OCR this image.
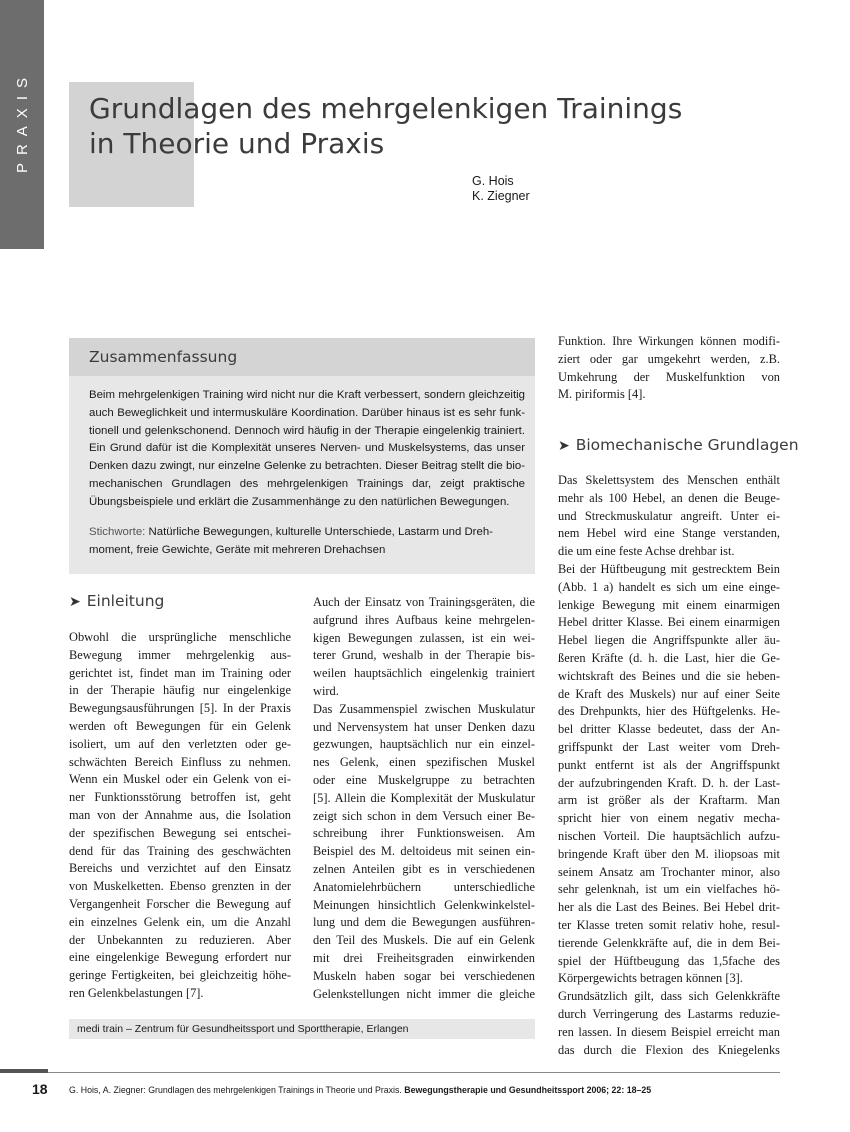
PRAXIS Grundlagen des mehrgelenkigen Trainings
in Theorie und Praxis
G. Hois
K. Ziegner
Zusammenfassung
Beim mehrgelenkigen Training wird nicht nur die Kraft verbessert, sondern gleichzeitig
auch Beweglichkeit und intermuskuläre Koordination. Darüber hinaus ist es sehr funk-
tionell und gelenkschonend. Dennoch wird häufig in der Therapie eingelenkig trainiert.
Ein Grund dafür ist die Komplexität unseres Nerven- und Muskelsystems, das unser
Denken dazu zwingt, nur einzelne Gelenke zu betrachten. Dieser Beitrag stellt die bio-
mechanischen Grundlagen des mehrgelenkigen Trainings dar, zeigt praktische
Übungsbeispiele und erklärt die Zusammenhänge zu den natürlichen Bewegungen.
Stichworte: Natürliche Bewegungen, kulturelle Unterschiede, Lastarm und Dreh-
moment, freie Gewichte, Geräte mit mehreren Drehachsen
➤ Einleitung
Obwohl die ursprüngliche menschliche
Bewegung immer mehrgelenkig aus-
gerichtet ist, findet man im Training oder
in der Therapie häufig nur eingelenkige
Bewegungsausführungen [5]. In der Praxis
werden oft Bewegungen für ein Gelenk
isoliert, um auf den verletzten oder ge-
schwächten Bereich Einfluss zu nehmen.
Wenn ein Muskel oder ein Gelenk von ei-
ner Funktionsstörung betroffen ist, geht
man von der Annahme aus, die Isolation
der spezifischen Bewegung sei entschei-
dend für das Training des geschwächten
Bereichs und verzichtet auf den Einsatz
von Muskelketten. Ebenso grenzten in der
Vergangenheit Forscher die Bewegung auf
ein einzelnes Gelenk ein, um die Anzahl
der Unbekannten zu reduzieren. Aber
eine eingelenkige Bewegung erfordert nur
geringe Fertigkeiten, bei gleichzeitig höhe-
ren Gelenkbelastungen [7].
Auch der Einsatz von Trainingsgeräten, die
aufgrund ihres Aufbaus keine mehrgelen-
kigen Bewegungen zulassen, ist ein wei-
terer Grund, weshalb in der Therapie bis-
weilen hauptsächlich eingelenkig trainiert
wird.
Das Zusammenspiel zwischen Muskulatur
und Nervensystem hat unser Denken dazu
gezwungen, hauptsächlich nur ein einzel-
nes Gelenk, einen spezifischen Muskel
oder eine Muskelgruppe zu betrachten
[5]. Allein die Komplexität der Muskulatur
zeigt sich schon in dem Versuch einer Be-
schreibung ihrer Funktionsweisen. Am
Beispiel des M. deltoideus mit seinen ein-
zelnen Anteilen gibt es in verschiedenen
Anatomielehrbüchern unterschiedliche
Meinungen hinsichtlich Gelenkwinkelstel-
lung und dem die Bewegungen ausführen-
den Teil des Muskels. Die auf ein Gelenk
mit drei Freiheitsgraden einwirkenden
Muskeln haben sogar bei verschiedenen
Gelenkstellungen nicht immer die gleiche
Funktion. Ihre Wirkungen können modifi-
ziert oder gar umgekehrt werden, z.B.
Umkehrung der Muskelfunktion von
M. piriformis [4].
➤ Biomechanische Grundlagen
Das Skelettsystem des Menschen enthält
mehr als 100 Hebel, an denen die Beuge-
und Streckmuskulatur angreift. Unter ei-
nem Hebel wird eine Stange verstanden,
die um eine feste Achse drehbar ist.
Bei der Hüftbeugung mit gestrecktem Bein
(Abb. 1 a) handelt es sich um eine einge-
lenkige Bewegung mit einem einarmigen
Hebel dritter Klasse. Bei einem einarmigen
Hebel liegen die Angriffspunkte aller äu-
ßeren Kräfte (d. h. die Last, hier die Ge-
wichtskraft des Beines und die sie heben-
de Kraft des Muskels) nur auf einer Seite
des Drehpunkts, hier des Hüftgelenks. He-
bel dritter Klasse bedeutet, dass der An-
griffspunkt der Last weiter vom Dreh-
punkt entfernt ist als der Angriffspunkt
der aufzubringenden Kraft. D. h. der Last-
arm ist größer als der Kraftarm. Man
spricht hier von einem negativ mecha-
nischen Vorteil. Die hauptsächlich aufzu-
bringende Kraft über den M. iliopsoas mit
seinem Ansatz am Trochanter minor, also
sehr gelenknah, ist um ein vielfaches hö-
her als die Last des Beines. Bei Hebel drit-
ter Klasse treten somit relativ hohe, resul-
tierende Gelenkkräfte auf, die in dem Bei-
spiel der Hüftbeugung das 1,5fache des
Körpergewichts betragen können [3].
Grundsätzlich gilt, dass sich Gelenkkräfte
durch Verringerung des Lastarms reduzie-
ren lassen. In diesem Beispiel erreicht man
das durch die Flexion des Kniegelenks
medi train – Zentrum für Gesundheitssport und Sporttherapie, Erlangen
18 G. Hois, A. Ziegner: Grundlagen des mehrgelenkigen Trainings in Theorie und Praxis. Bewegungstherapie und Gesundheitssport 2006; 22: 18–25
